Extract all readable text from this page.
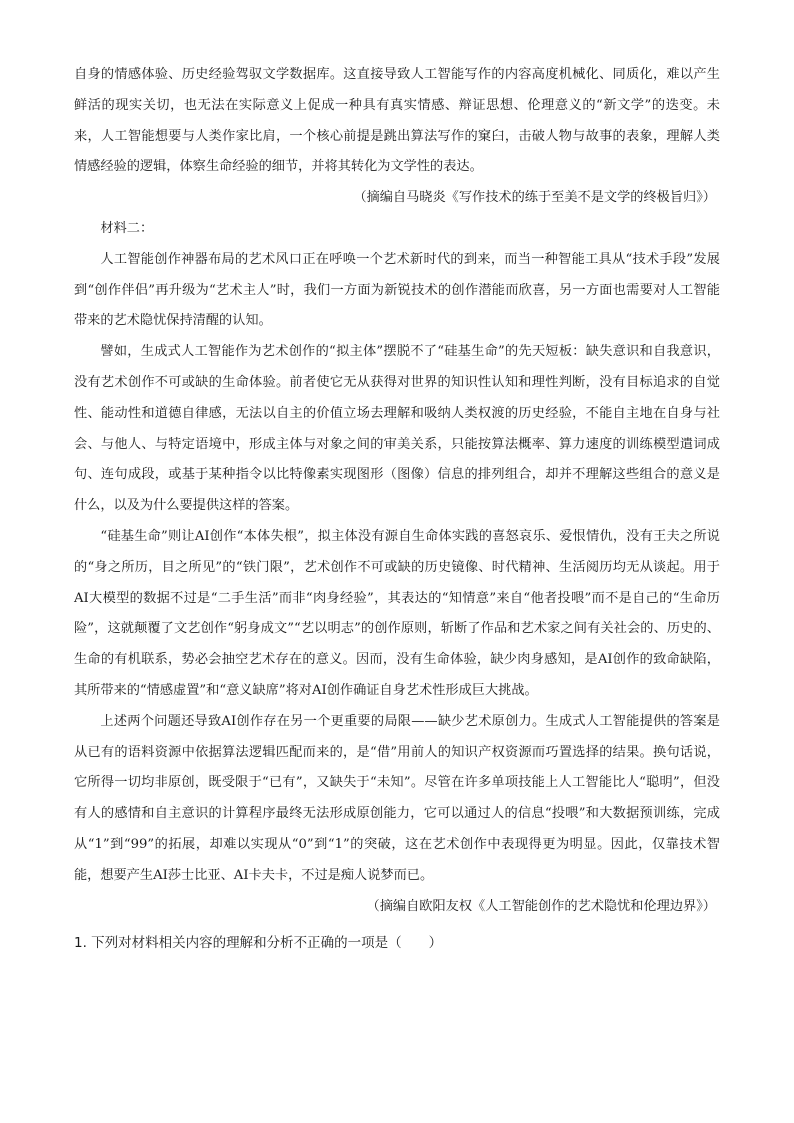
自身的情感体验、历史经验驾驭文学数据库。这直接导致人工智能写作的内容高度机械化、同质化，难以产生鲜活的现实关切，也无法在实际意义上促成一种具有真实情感、辩证思想、伦理意义的“新文学”的迭变。未来，人工智能想要与人类作家比肩，一个核心前提是跳出算法写作的窠臼，击破人物与故事的表象，理解人类情感经验的逻辑，体察生命经验的细节，并将其转化为文学性的表达。

（摘编自马晓炎《写作技术的练于至美不是文学的终极旨归》）

材料二：

人工智能创作神器布局的艺术风口正在呼唤一个艺术新时代的到来，而当一种智能工具从“技术手段”发展到“创作伴侣”再升级为“艺术主人”时，我们一方面为新锐技术的创作潜能而欣喜，另一方面也需要对人工智能带来的艺术隐忧保持清醒的认知。

譬如，生成式人工智能作为艺术创作的“拟主体”摆脱不了“硅基生命”的先天短板：缺失意识和自我意识，没有艺术创作不可或缺的生命体验。前者使它无从获得对世界的知识性认知和理性判断，没有目标追求的自觉性、能动性和道德自律感，无法以自主的价值立场去理解和吸纳人类权渡的历史经验，不能自主地在自身与社会、与他人、与特定语境中，形成主体与对象之间的审美关系，只能按算法概率、算力速度的训练模型遣词成句、连句成段，或基于某种指令以比特像素实现图形（图像）信息的排列组合，却并不理解这些组合的意义是什么，以及为什么要提供这样的答案。

“硅基生命”则让AI创作“本体失根”，拟主体没有源自生命体实践的喜怒哀乐、爱恨情仇，没有王夫之所说的“身之所历，目之所见”的“铁门限”，艺术创作不可或缺的历史镜像、时代精神、生活阅历均无从谈起。用于AI大模型的数据不过是“二手生活”而非“肉身经验”，其表达的“知情意”来自“他者投喂”而不是自己的“生命历险”，这就颠覆了文艺创作“躬身成文”“艺以明志”的创作原则，斩断了作品和艺术家之间有关社会的、历史的、生命的有机联系，势必会抽空艺术存在的意义。因而，没有生命体验，缺少肉身感知，是AI创作的致命缺陷，其所带来的“情感虚置”和“意义缺席”将对AI创作确证自身艺术性形成巨大挑战。

上述两个问题还导致AI创作存在另一个更重要的局限——缺少艺术原创力。生成式人工智能提供的答案是从已有的语料资源中依据算法逻辑匹配而来的，是“借”用前人的知识产权资源而巧置选择的结果。换句话说，它所得一切均非原创，既受限于“已有”，又缺失于“未知”。尽管在许多单项技能上人工智能比人“聪明”，但没有人的感情和自主意识的计算程序最终无法形成原创能力，它可以通过人的信息“投喂”和大数据预训练，完成从“1”到“99”的拓展，却难以实现从“0”到“1”的突破，这在艺术创作中表现得更为明显。因此，仅靠技术智能，想要产生AI莎士比亚、AI卡夫卡，不过是痴人说梦而已。

（摘编自欧阳友权《人工智能创作的艺术隐忧和伦理边界》）

1. 下列对材料相关内容的理解和分析不正确的一项是（　　）
